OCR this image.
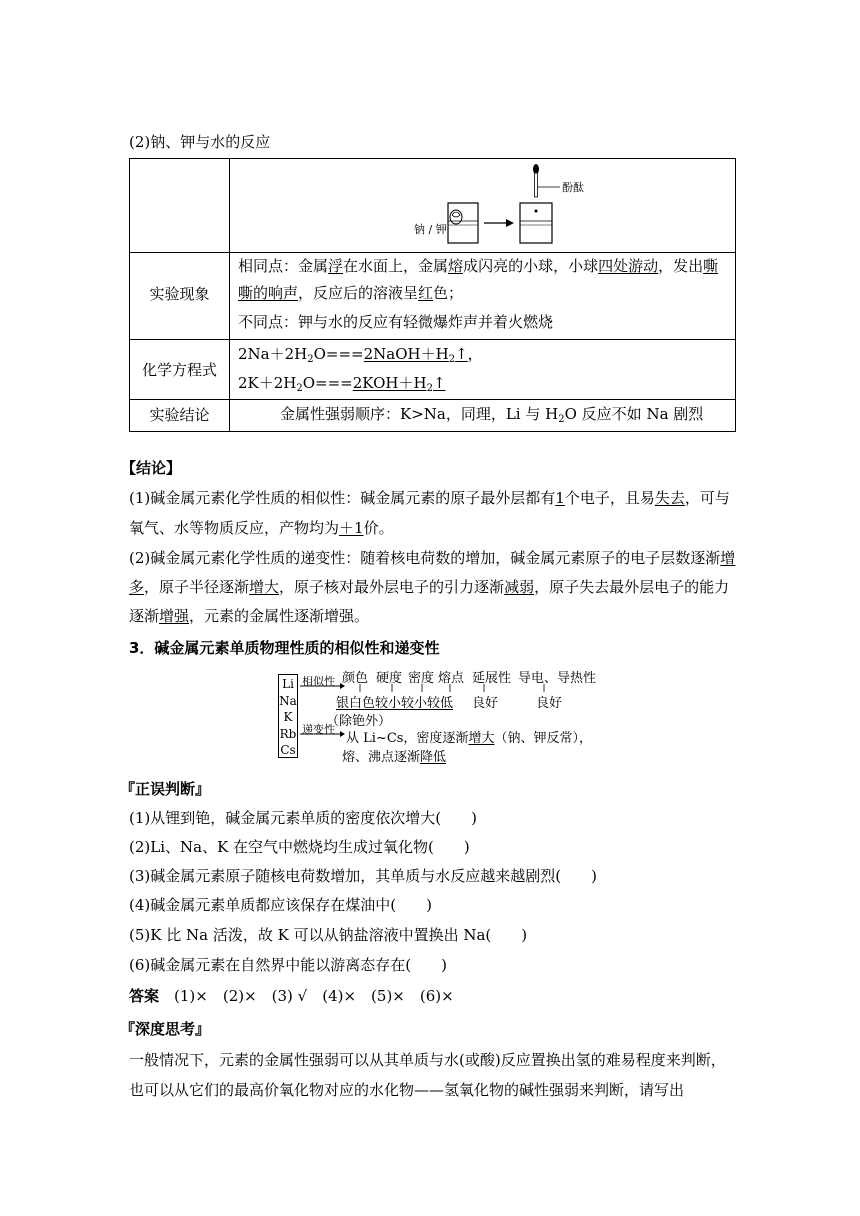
(2)钠、钾与水的反应
钠 / 钾
酚酞
实验现象
相同点：金属浮在水面上，金属熔成闪亮的小球，小球四处游动，发出嘶
嘶的响声，反应后的溶液呈红色；
不同点：钾与水的反应有轻微爆炸声并着火燃烧
化学方程式
$2Na+2H_2O===2NaOH+H_2↑$，
$2K+2H_2O===2KOH+H_2↑$
实验结论	金属性强弱顺序：K>Na，同理，Li 与 $H_2O$ 反应不如 Na 剧烈
【结论】
(1)碱金属元素化学性质的相似性：碱金属元素的原子最外层都有1个电子，且易失去，可与
氧气、水等物质反应，产物均为＋1价。
(2)碱金属元素化学性质的递变性：随着核电荷数的增加，碱金属元素原子的电子层数逐渐增
多，原子半径逐渐增大，原子核对最外层电子的引力逐渐减弱，原子失去最外层电子的能力
逐渐增强，元素的金属性逐渐增强。
3．碱金属元素单质物理性质的相似性和递变性
Li
Na
K
Rb
Cs
相似性 颜色 硬度 密度 熔点 延展性 导电、导热性
银白色较小较小较低 良好	良好
（除铯外）
递变性
从 Li~Cs，密度逐渐增大（钠、钾反常），
熔、沸点逐渐降低
『正误判断』
(1)从锂到铯，碱金属元素单质的密度依次增大(　　)
(2)Li、Na、K 在空气中燃烧均生成过氧化物(　　)
(3)碱金属元素原子随核电荷数增加，其单质与水反应越来越剧烈(　　)
(4)碱金属元素单质都应该保存在煤油中(　　)
(5)K 比 Na 活泼，故 K 可以从钠盐溶液中置换出 Na(　　)
(6)碱金属元素在自然界中能以游离态存在(　　)
答案　 (1)×　(2)×　(3) √　(4)×　(5)×　(6)×
『深度思考』
一般情况下，元素的金属性强弱可以从其单质与水(或酸)反应置换出氢的难易程度来判断，
也可以从它们的最高价氧化物对应的水化物——氢氧化物的碱性强弱来判断，请写出
